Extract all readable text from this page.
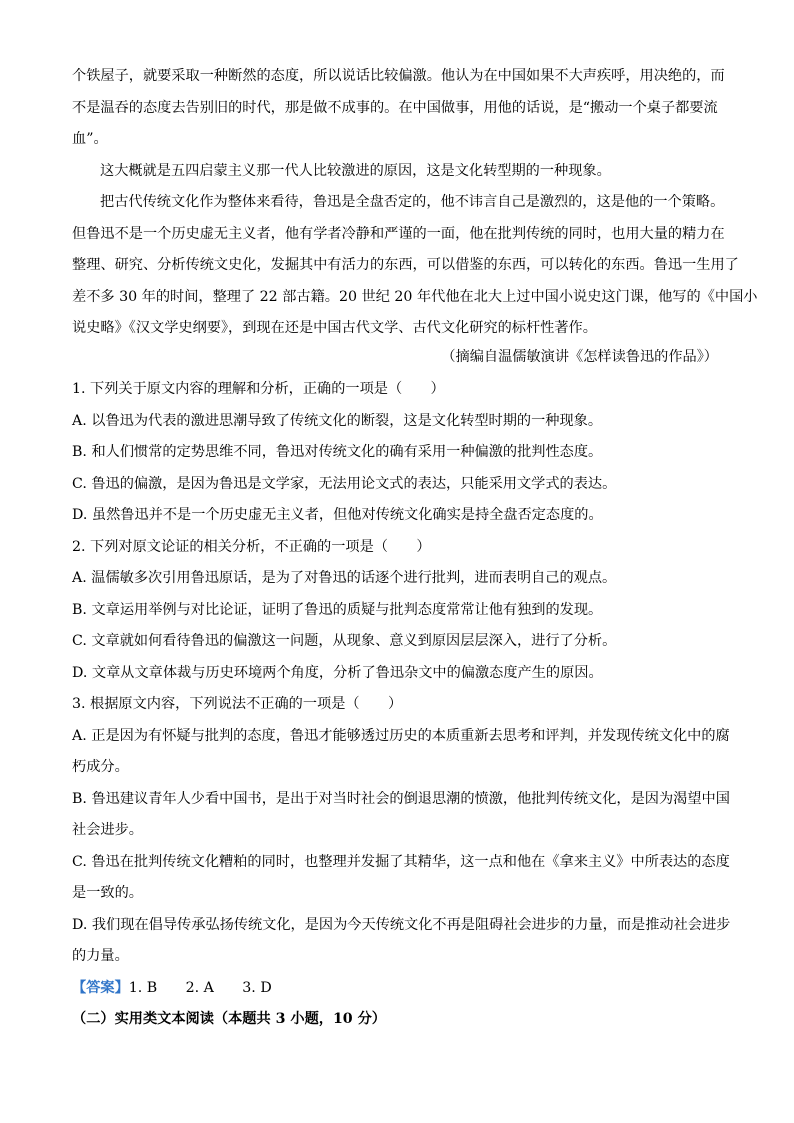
个铁屋子，就要采取一种断然的态度，所以说话比较偏激。他认为在中国如果不大声疾呼，用决绝的，而
不是温吞的态度去告别旧的时代，那是做不成事的。在中国做事，用他的话说，是“搬动一个桌子都要流
血”。
这大概就是五四启蒙主义那一代人比较激进的原因，这是文化转型期的一种现象。
把古代传统文化作为整体来看待，鲁迅是全盘否定的，他不讳言自己是激烈的，这是他的一个策略。
但鲁迅不是一个历史虚无主义者，他有学者冷静和严谨的一面，他在批判传统的同时，也用大量的精力在
整理、研究、分析传统文史化，发掘其中有活力的东西，可以借鉴的东西，可以转化的东西。鲁迅一生用了
差不多 30 年的时间，整理了 22 部古籍。20 世纪 20 年代他在北大上过中国小说史这门课，他写的《中国小
说史略》《汉文学史纲要》，到现在还是中国古代文学、古代文化研究的标杆性著作。
（摘编自温儒敏演讲《怎样读鲁迅的作品》）
1. 下列关于原文内容的理解和分析，正确的一项是（　　）
A. 以鲁迅为代表的激进思潮导致了传统文化的断裂，这是文化转型时期的一种现象。
B. 和人们惯常的定势思维不同，鲁迅对传统文化的确有采用一种偏激的批判性态度。
C. 鲁迅的偏激，是因为鲁迅是文学家，无法用论文式的表达，只能采用文学式的表达。
D. 虽然鲁迅并不是一个历史虚无主义者，但他对传统文化确实是持全盘否定态度的。
2. 下列对原文论证的相关分析，不正确的一项是（　　）
A. 温儒敏多次引用鲁迅原话，是为了对鲁迅的话逐个进行批判，进而表明自己的观点。
B. 文章运用举例与对比论证，证明了鲁迅的质疑与批判态度常常让他有独到的发现。
C. 文章就如何看待鲁迅的偏激这一问题，从现象、意义到原因层层深入，进行了分析。
D. 文章从文章体裁与历史环境两个角度，分析了鲁迅杂文中的偏激态度产生的原因。
3. 根据原文内容，下列说法不正确的一项是（　　）
A. 正是因为有怀疑与批判的态度，鲁迅才能够透过历史的本质重新去思考和评判，并发现传统文化中的腐
朽成分。
B. 鲁迅建议青年人少看中国书，是出于对当时社会的倒退思潮的愤激，他批判传统文化，是因为渴望中国
社会进步。
C. 鲁迅在批判传统文化糟粕的同时，也整理并发掘了其精华，这一点和他在《拿来主义》中所表达的态度
是一致的。
D. 我们现在倡导传承弘扬传统文化，是因为今天传统文化不再是阻碍社会进步的力量，而是推动社会进步
的力量。
【答案】1. B　　2. A　　3. D
（二）实用类文本阅读（本题共 3 小题，10 分）
